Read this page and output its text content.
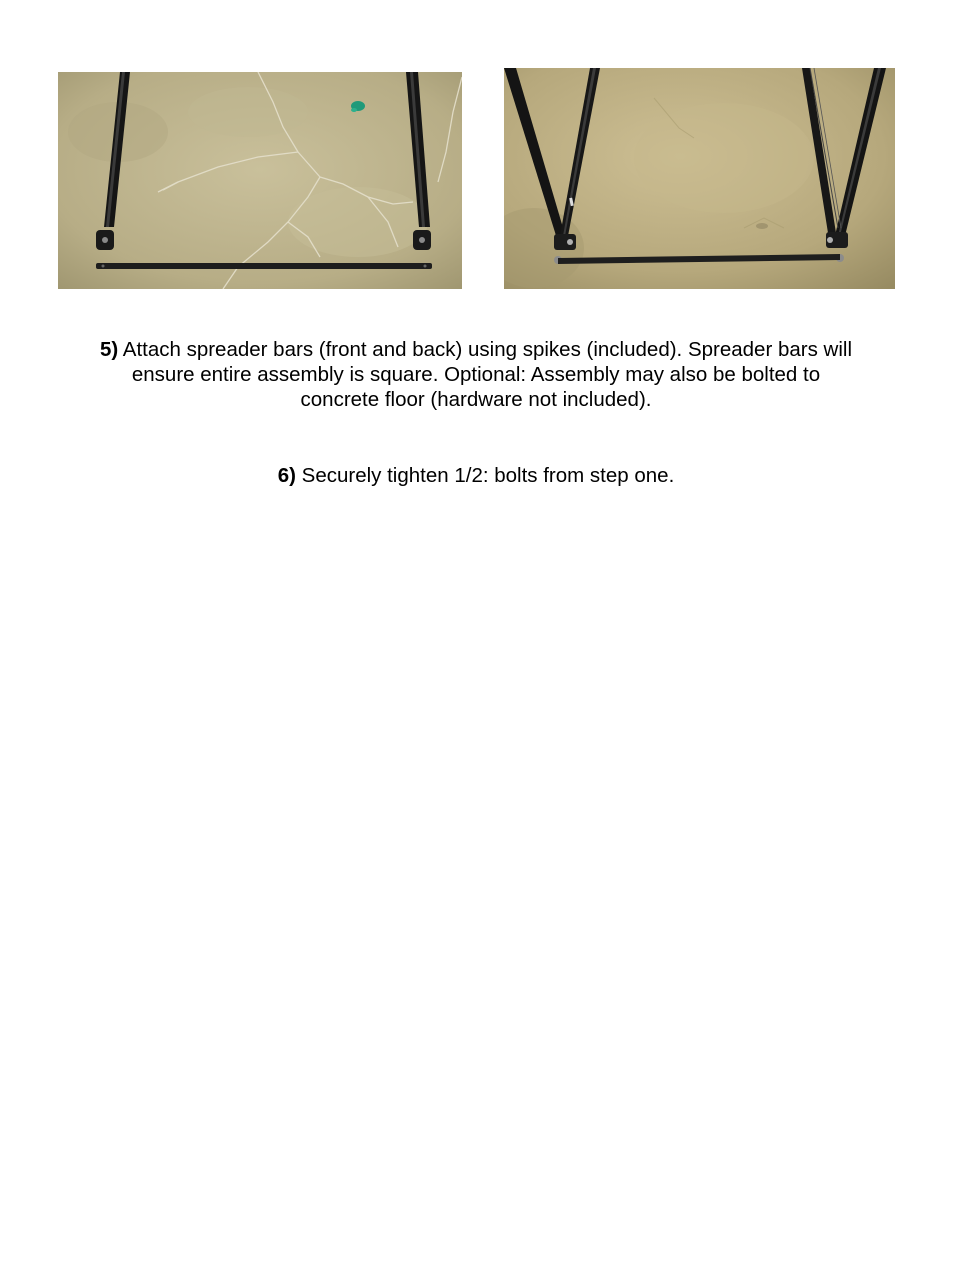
5) Attach spreader bars (front and back) using spikes (included). Spreader bars will ensure entire assembly is square. Optional: Assembly may also be bolted to concrete floor (hardware not included).
6) Securely tighten 1/2: bolts from step one.
